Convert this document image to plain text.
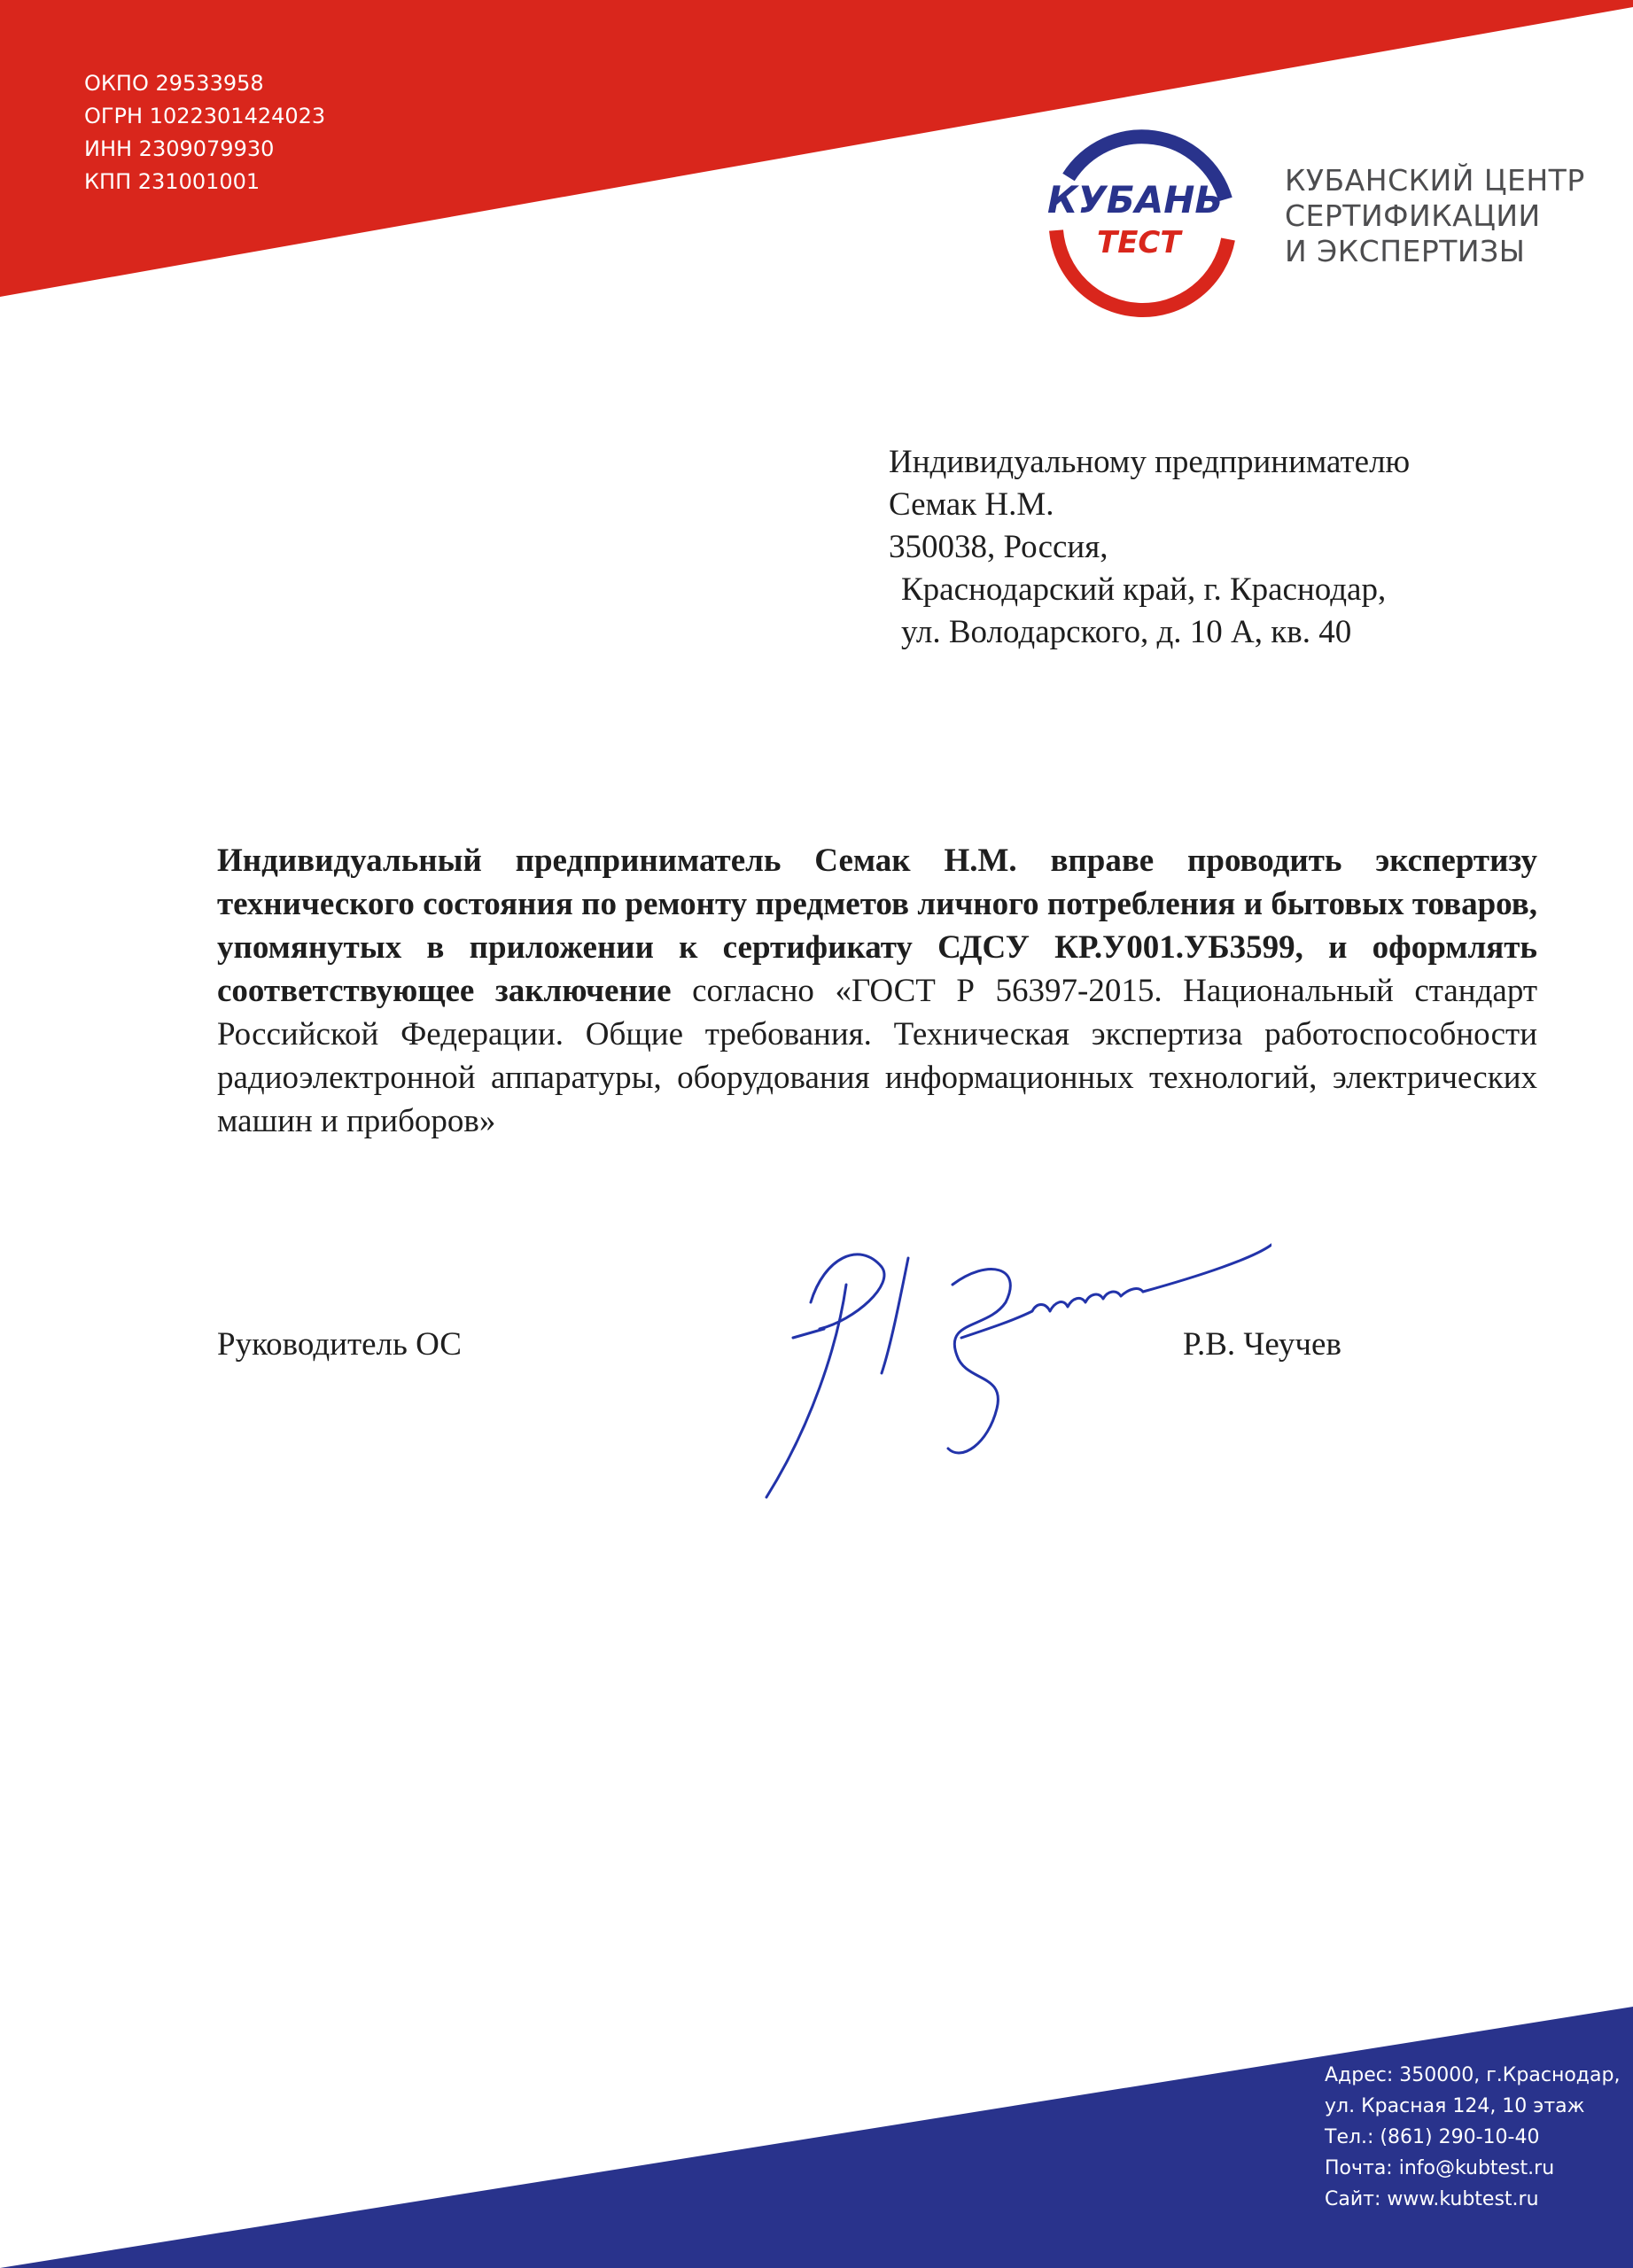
ОКПО 29533958
ОГРН 1022301424023
ИНН 2309079930
КПП 231001001	КУБАНЬ
ТЕСТ
КУБАНСКИЙ ЦЕНТР
СЕРТИФИКАЦИИ
И ЭКСПЕРТИЗЫ
Индивидуальному предпринимателю
Семак Н.М.
350038, Россия,
Краснодарский край, г. Краснодар,
ул. Володарского, д. 10 А, кв. 40
Индивидуальный предприниматель Семак Н.М. вправе проводить экспертизу технического состояния по ремонту предметов личного потребления и бытовых товаров, упомянутых в приложении к сертификату СДСУ КР.У001.УБ3599, и оформлять соответствующее заключение согласно «ГОСТ Р 56397-2015. Национальный стандарт Российской Федерации. Общие требования. Техническая экспертиза работоспособности радиоэлектронной аппаратуры, оборудования информационных технологий, электрических машин и приборов»
Руководитель ОС	Р.В. Чеучев
Адрес: 350000, г.Краснодар,
ул. Красная 124, 10 этаж
Тел.: (861) 290-10-40
Почта: info@kubtest.ru
Сайт: www.kubtest.ru
